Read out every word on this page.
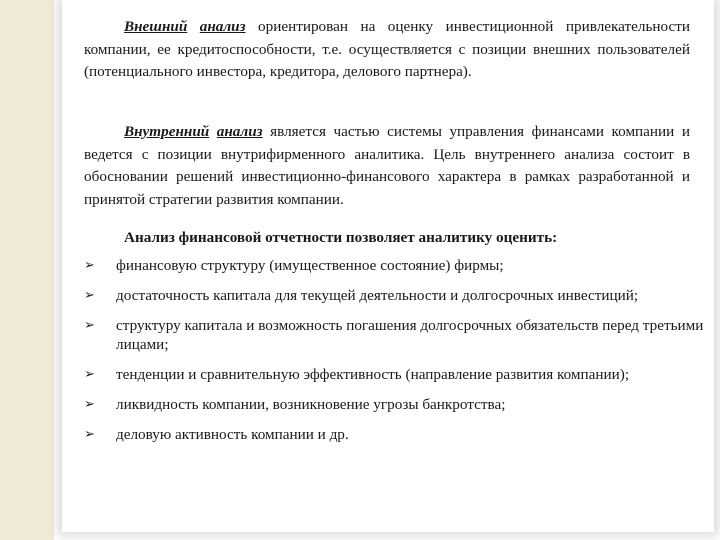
Внешний анализ ориентирован на оценку инвестиционной привлекательности компании, ее кредитоспособности, т.е. осуществляется с позиции внешних пользователей (потенциального инвестора, кредитора, делового партнера).
Внутренний анализ является частью системы управления финансами компании и ведется с позиции внутрифирменного аналитика. Цель внутреннего анализа состоит в обосновании решений инвестиционно-финансового характера в рамках разработанной и принятой стратегии развития компании.
Анализ финансовой отчетности позволяет аналитику оценить:
➢ финансовую структуру (имущественное состояние) фирмы;
➢ достаточность капитала для текущей деятельности и долгосрочных инвестиций;
➢ структуру капитала и возможность погашения долгосрочных обязательств перед третьими лицами;
➢ тенденции и сравнительную эффективность (направление развития компании);
➢ ликвидность компании, возникновение угрозы банкротства;
➢ деловую активность компании и др.
